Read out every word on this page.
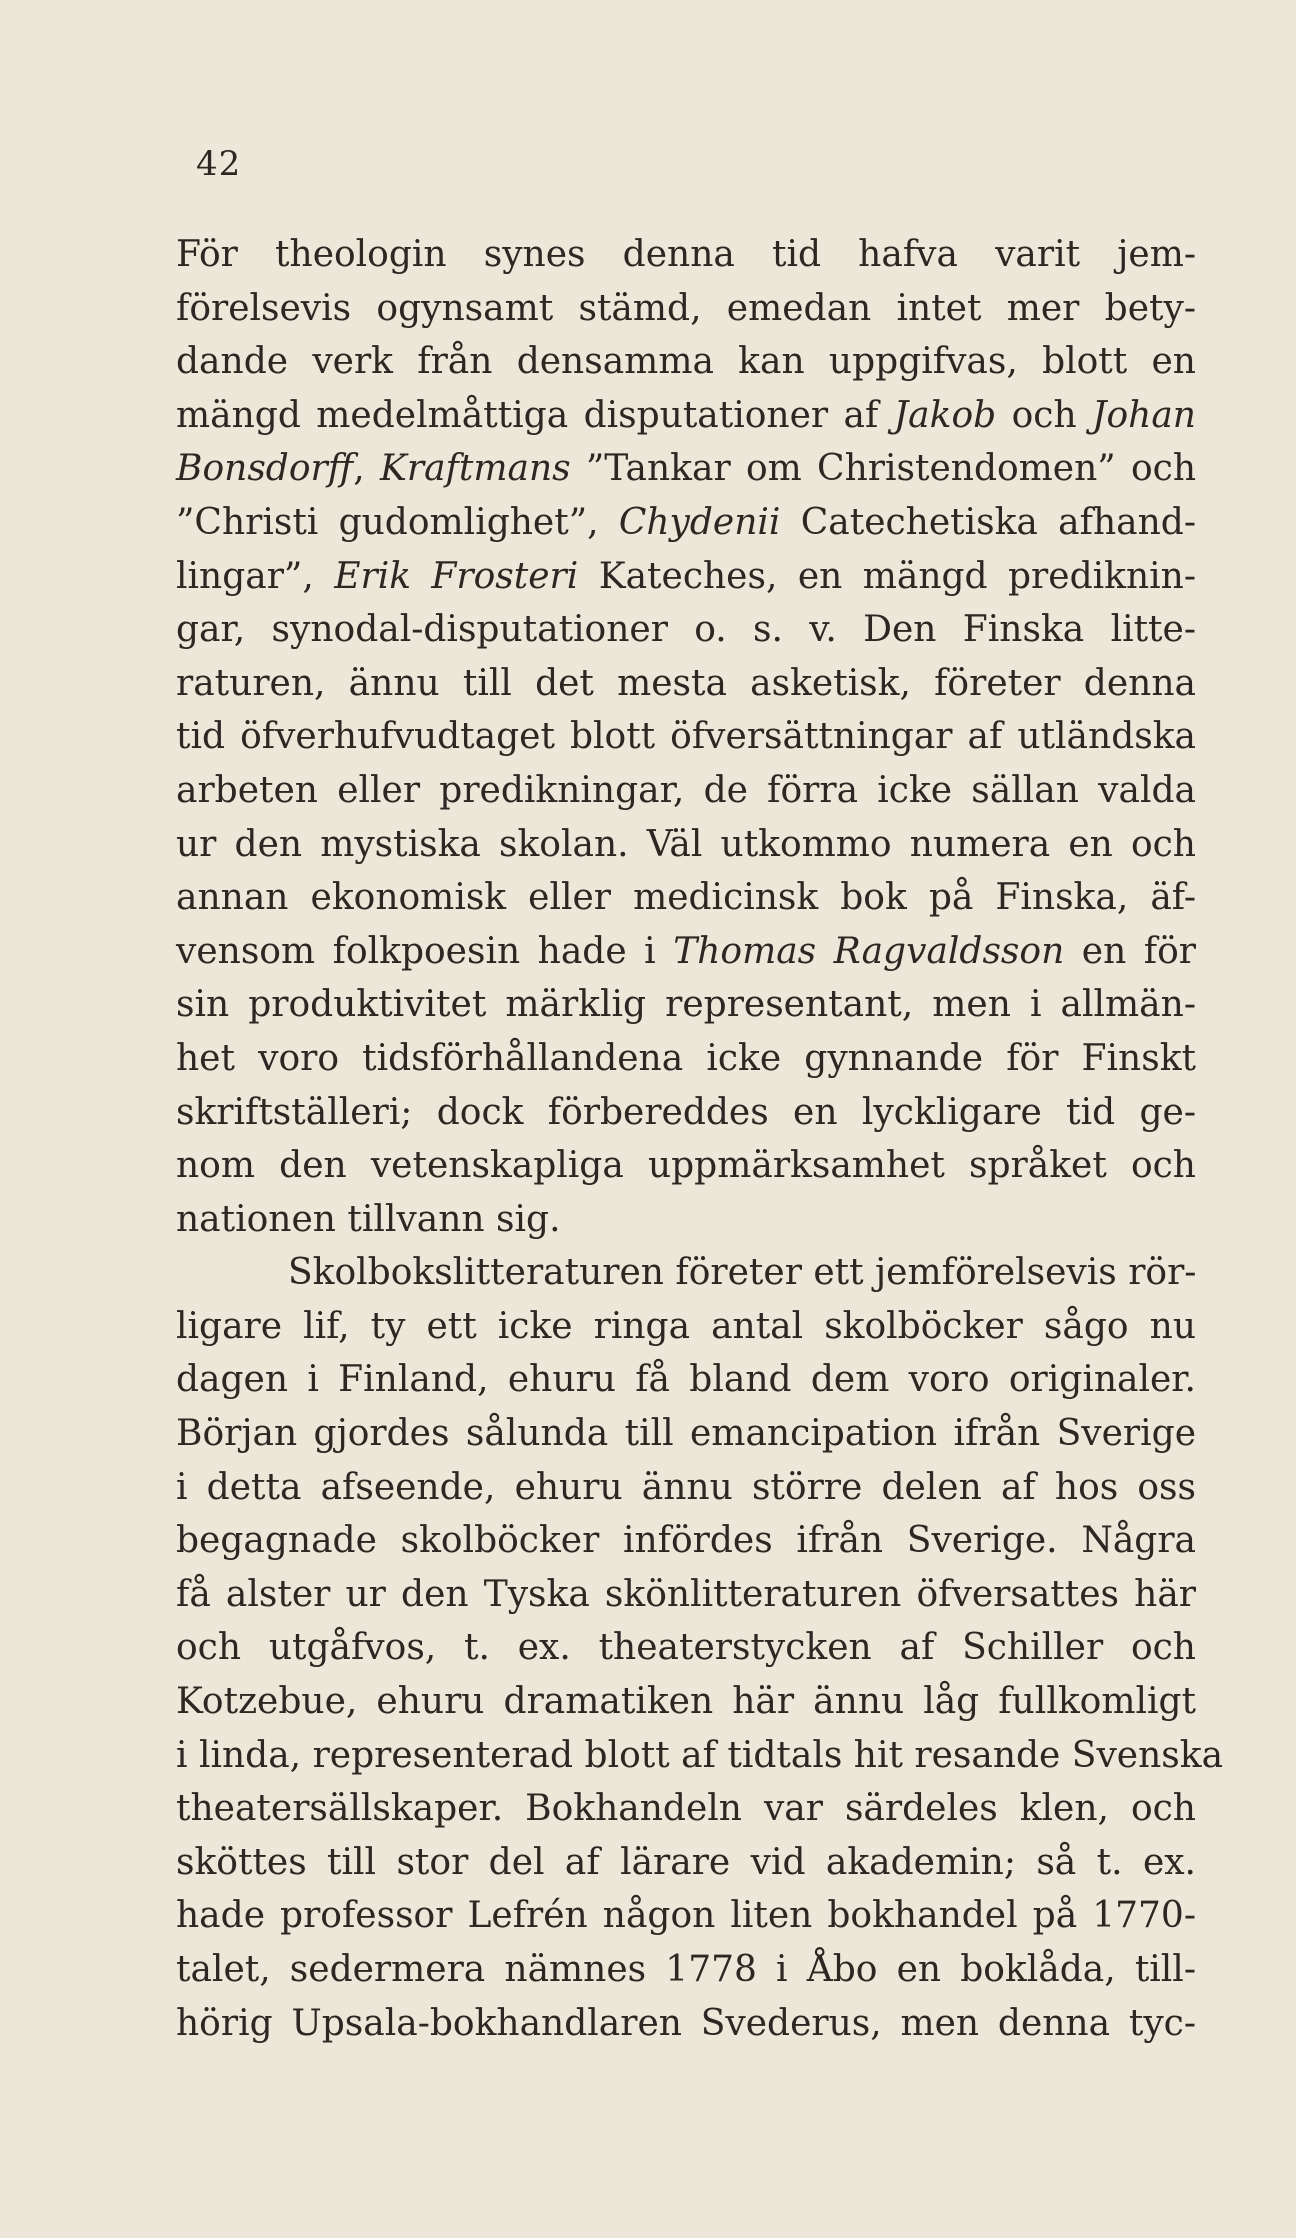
42
För theologin synes denna tid hafva varit jem-
förelsevis ogynsamt stämd, emedan intet mer bety-
dande verk från densamma kan uppgifvas, blott en
mängd medelmåttiga disputationer af Jakob och Johan
Bonsdorff, Kraftmans ”Tankar om Christendomen” och
”Christi gudomlighet”, Chydenii Catechetiska afhand-
lingar”, Erik Frosteri Kateches, en mängd prediknin-
gar, synodal-disputationer o. s. v. Den Finska litte-
raturen, ännu till det mesta asketisk, företer denna
tid öfverhufvudtaget blott öfversättningar af utländska
arbeten eller predikningar, de förra icke sällan valda
ur den mystiska skolan. Väl utkommo numera en och
annan ekonomisk eller medicinsk bok på Finska, äf-
vensom folkpoesin hade i Thomas Ragvaldsson en för
sin produktivitet märklig representant, men i allmän-
het voro tidsförhållandena icke gynnande för Finskt
skriftställeri; dock förbereddes en lyckligare tid ge-
nom den vetenskapliga uppmärksamhet språket och
nationen tillvann sig.
Skolbokslitteraturen företer ett jemförelsevis rör-
ligare lif, ty ett icke ringa antal skolböcker sågo nu
dagen i Finland, ehuru få bland dem voro originaler.
Början gjordes sålunda till emancipation ifrån Sverige
i detta afseende, ehuru ännu större delen af hos oss
begagnade skolböcker infördes ifrån Sverige. Några
få alster ur den Tyska skönlitteraturen öfversattes här
och utgåfvos, t. ex. theaterstycken af Schiller och
Kotzebue, ehuru dramatiken här ännu låg fullkomligt
i linda, representerad blott af tidtals hit resande Svenska
theatersällskaper. Bokhandeln var särdeles klen, och
sköttes till stor del af lärare vid akademin; så t. ex.
hade professor Lefrén någon liten bokhandel på 1770-
talet, sedermera nämnes 1778 i Åbo en boklåda, till-
hörig Upsala-bokhandlaren Svederus, men denna tyc-
